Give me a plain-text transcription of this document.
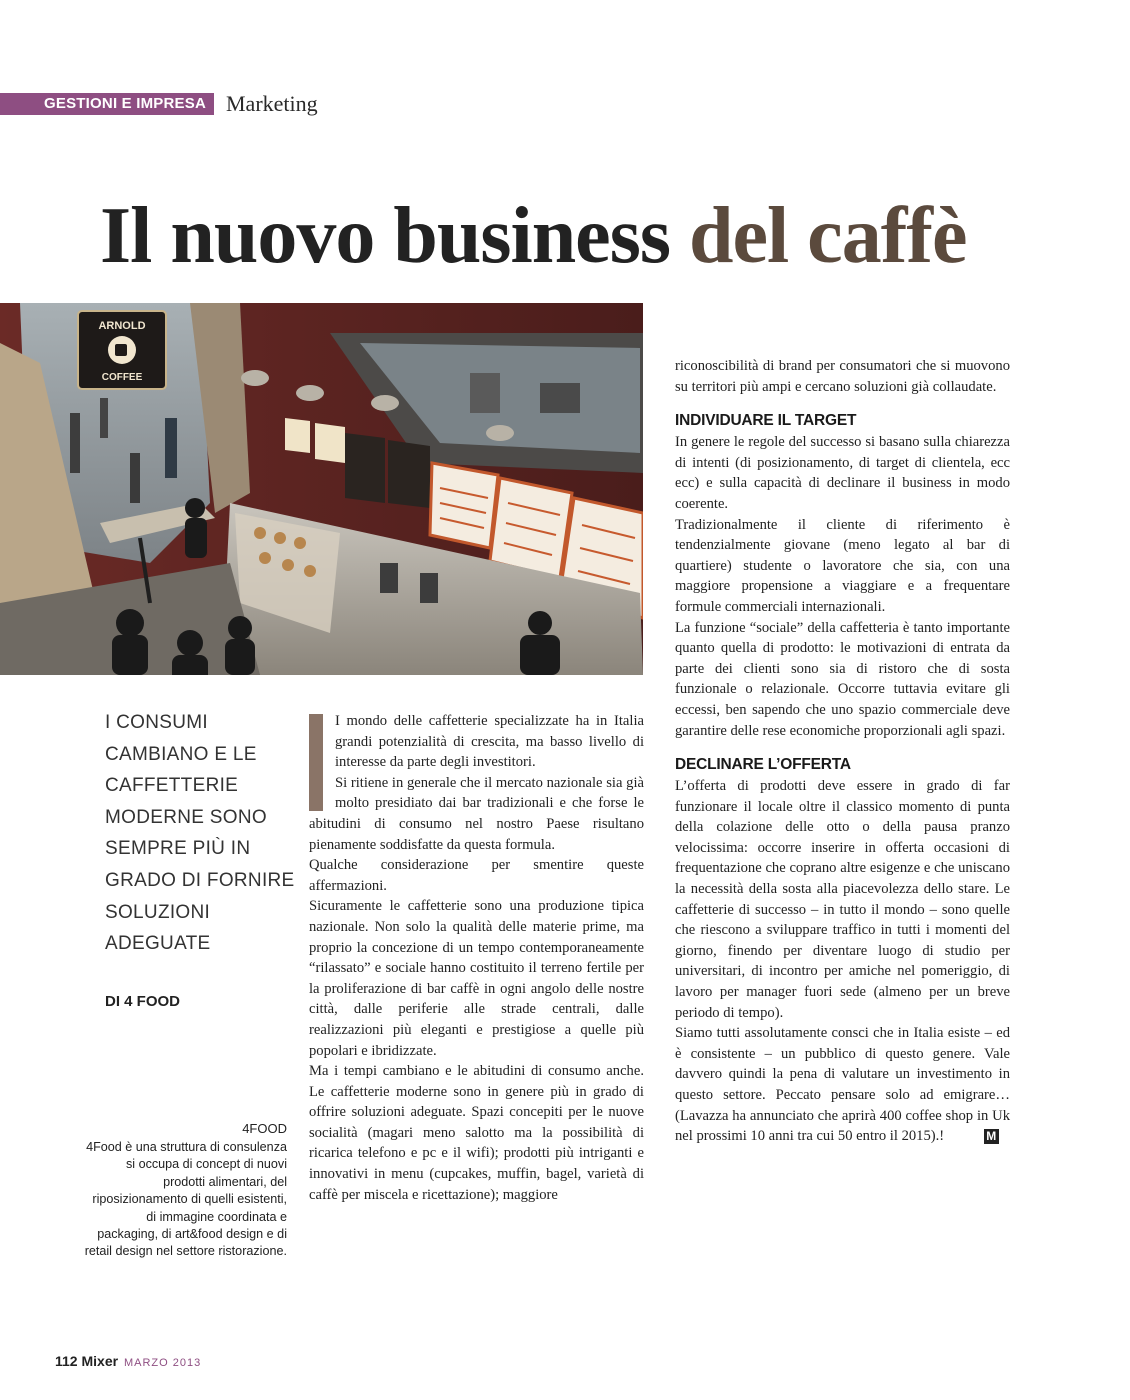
GESTIONI E IMPRESA Marketing
Il nuovo business del caffè
ARNOLD
COFFEE
I CONSUMI CAMBIANO E LE CAFFETTERIE MODERNE SONO SEMPRE PIÙ IN GRADO DI FORNIRE SOLUZIONI ADEGUATE
DI 4 FOOD
4FOOD
4Food è una struttura di consulenza si occupa di concept di nuovi prodotti alimentari, del riposizionamento di quelli esistenti, di immagine coordinata e packaging, di art&food design e di retail design nel settore ristorazione.

I mondo delle caffetterie specializzate ha in Italia grandi potenzialità di crescita, ma basso livello di interesse da parte degli investitori.

Si ritiene in generale che il mercato nazionale sia già molto presidiato dai bar tradizionali e che forse le abitudini di consumo nel nostro Paese risultano pienamente soddisfatte da questa formula.

Qualche considerazione per smentire queste affermazioni.

Sicuramente le caffetterie sono una produzione tipica nazionale. Non solo la qualità delle materie prime, ma proprio la concezione di un tempo contemporaneamente “rilassato” e sociale hanno costituito il terreno fertile per la proliferazione di bar caffè in ogni angolo delle nostre città, dalle periferie alle strade centrali, dalle realizzazioni più eleganti e prestigiose a quelle più popolari e ibridizzate.

Ma i tempi cambiano e le abitudini di consumo anche. Le caffetterie moderne sono in genere più in grado di offrire soluzioni adeguate. Spazi concepiti per le nuove socialità (magari meno salotto ma la possibilità di ricarica telefono e pc e il wifi); prodotti più intriganti e innovativi in menu (cupcakes, muffin, bagel, varietà di caffè per miscela e ricettazione); maggiore

riconoscibilità di brand per consumatori che si muovono su territori più ampi e cercano soluzioni già collaudate.

INDIVIDUARE IL TARGET

In genere le regole del successo si basano sulla chiarezza di intenti (di posizionamento, di target di clientela, ecc ecc) e sulla capacità di declinare il business in modo coerente.

Tradizionalmente il cliente di riferimento è tendenzialmente giovane (meno legato al bar di quartiere) studente o lavoratore che sia, con una maggiore propensione a viaggiare e a frequentare formule commerciali internazionali.

La funzione “sociale” della caffetteria è tanto importante quanto quella di prodotto: le motivazioni di entrata da parte dei clienti sono sia di ristoro che di sosta funzionale o relazionale. Occorre tuttavia evitare gli eccessi, ben sapendo che uno spazio commerciale deve garantire delle rese economiche proporzionali agli spazi.

DECLINARE L’OFFERTA

L’offerta di prodotti deve essere in grado di far funzionare il locale oltre il classico momento di punta della colazione delle otto o della pausa pranzo velocissima: occorre inserire in offerta occasioni di frequentazione che coprano altre esigenze e che uniscano la necessità della sosta alla piacevolezza dello stare. Le caffetterie di successo – in tutto il mondo – sono quelle che riescono a sviluppare traffico in tutti i momenti del giorno, finendo per diventare luogo di studio per universitari, di incontro per amiche nel pomeriggio, di lavoro per manager fuori sede (almeno per un breve periodo di tempo).

Siamo tutti assolutamente consci che in Italia esiste – ed è consistente – un pubblico di questo genere. Vale davvero quindi la pena di valutare un investimento in questo settore. Peccato pensare solo ad emigrare… (Lavazza ha annunciato che aprirà 400 coffee shop in Uk nel prossimi 10 anni tra cui 50 entro il 2015).!	M

112 Mixer MARZO 2013
